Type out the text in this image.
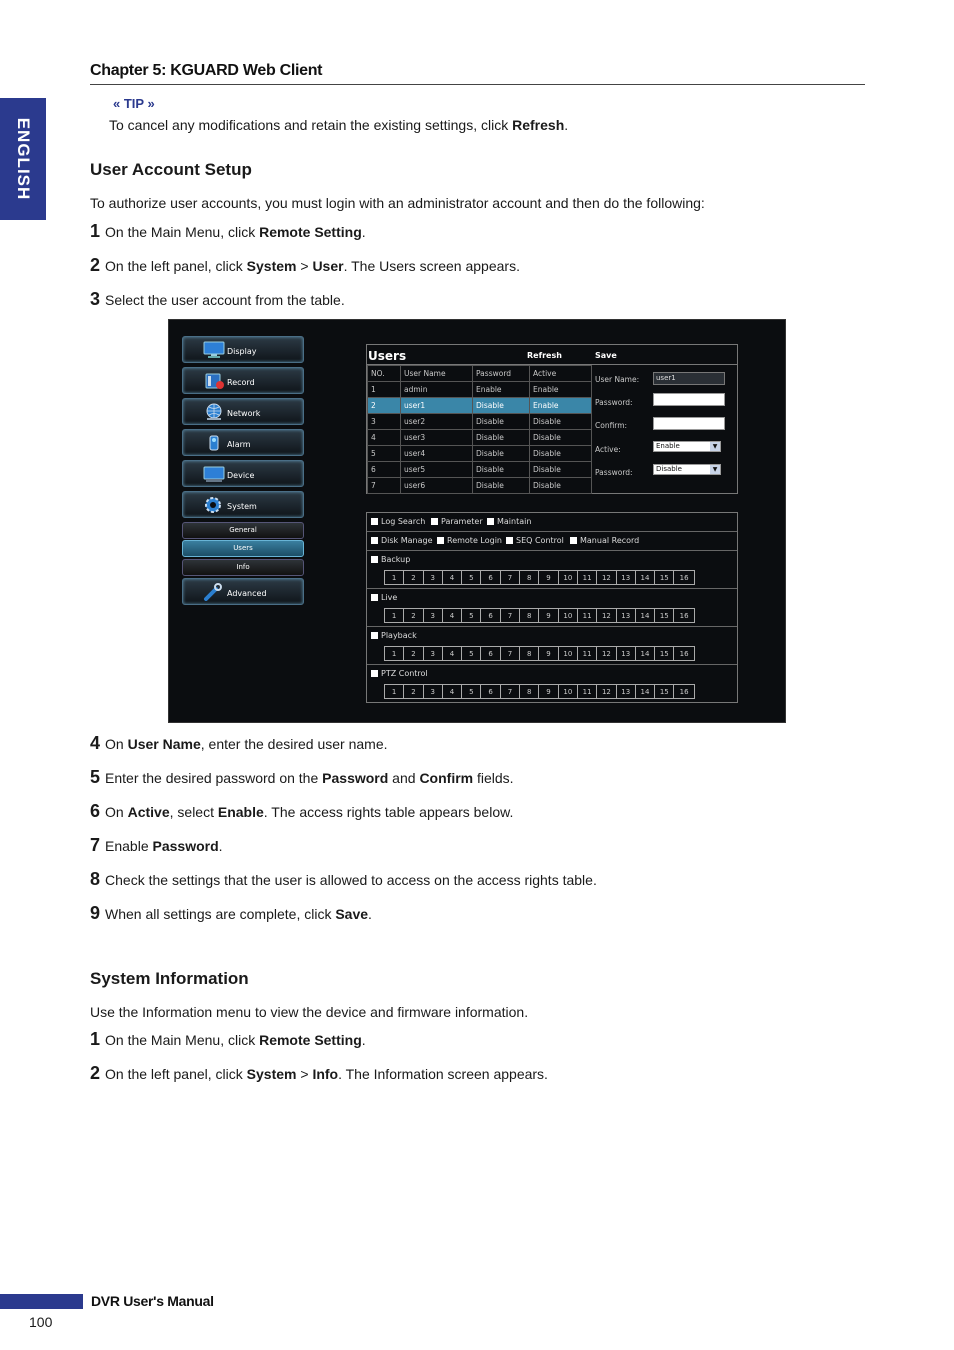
Chapter 5: KGUARD Web Client
ENGLISH
« TIP »
To cancel any modifications and retain the existing settings, click Refresh.
User Account Setup
To authorize user accounts, you must login with an administrator account and then do the following:
1 On the Main Menu, click Remote Setting.
2 On the left panel, click System > User. The Users screen appears.
3 Select the user account from the table.
Display
Record
Network
Alarm
Device
System
General
Users
Info
Advanced
Users	Refresh	Save
NO.	User Name	Password	Active
1	admin	Enable	Enable
2	user1	Disable	Enable
3	user2	Disable	Disable
4	user3	Disable	Disable
5	user4	Disable	Disable
6	user5	Disable	Disable
7	user6	Disable	Disable
User Name:	user1
Password:
Confirm:
Active:	Enable	▼
Password:	Disable	▼
Log Search	Parameter	Maintain
Disk Manage	Remote Login	SEQ Control	Manual Record
Backup
1	2	3	4	5	6	7	8	9	10	11	12	13	14	15	16
Live
1	2	3	4	5	6	7	8	9	10	11	12	13	14	15	16
Playback
1	2	3	4	5	6	7	8	9	10	11	12	13	14	15	16
PTZ Control
1	2	3	4	5	6	7	8	9	10	11	12	13	14	15	16
4 On User Name, enter the desired user name.
5 Enter the desired password on the Password and Confirm fields.
6 On Active, select Enable. The access rights table appears below.
7 Enable Password.
8 Check the settings that the user is allowed to access on the access rights table.
9 When all settings are complete, click Save.
System Information
Use the Information menu to view the device and firmware information.
1 On the Main Menu, click Remote Setting.
2 On the left panel, click System > Info. The Information screen appears.
DVR User's Manual
100
